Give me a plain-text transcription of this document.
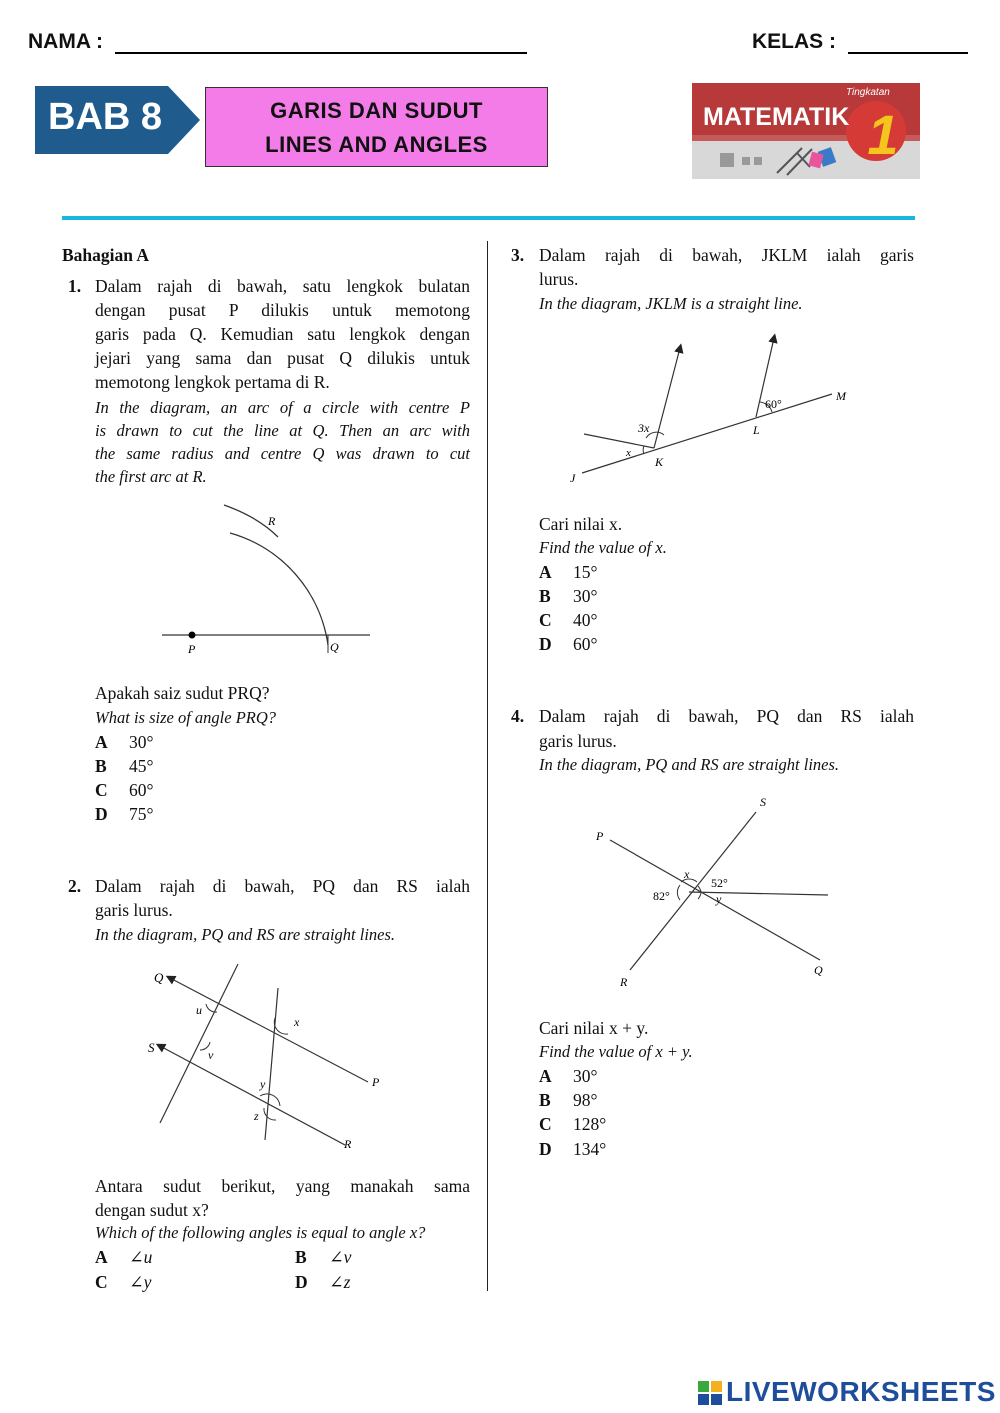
NAMA :	KELAS :
BAB 8	GARIS DAN SUDUT
LINES AND ANGLES
Tingkatan
MATEMATIK 1
Bahagian A
1. Dalam rajah di bawah, satu lengkok bulatan
dengan pusat P dilukis untuk memotong
garis pada Q. Kemudian satu lengkok dengan
jejari yang sama dan pusat Q dilukis untuk
memotong lengkok pertama di R.
In the diagram, an arc of a circle with centre P
is drawn to cut the line at Q. Then an arc with
the same radius and centre Q was drawn to cut
the first arc at R.
R
P	Q
Apakah saiz sudut PRQ?
What is size of angle PRQ?
A 30°
B 45°
C 60°
D 75°
2. Dalam rajah di bawah, PQ dan RS ialah
garis lurus.
In the diagram, PQ and RS are straight lines.
Q
S
P
R
u
v
x
y
z
Antara sudut berikut, yang manakah sama
dengan sudut x?
Which of the following angles is equal to angle x?
A ∠u	B ∠v
C ∠y	D ∠z
3. Dalam rajah di bawah, JKLM ialah garis
lurus.
In the diagram, JKLM is a straight line.
60°
M
L
K
J
3x
x
Cari nilai x.
Find the value of x.
A 15°
B 30°
C 40°
D 60°
4. Dalam rajah di bawah, PQ dan RS ialah
garis lurus.
In the diagram, PQ and RS are straight lines.
S
P
x
52°
82°	y
R
Q
Cari nilai x + y.
Find the value of x + y.
A 30°
B 98°
C 128°
D 134°
LIVEWORKSHEETS
